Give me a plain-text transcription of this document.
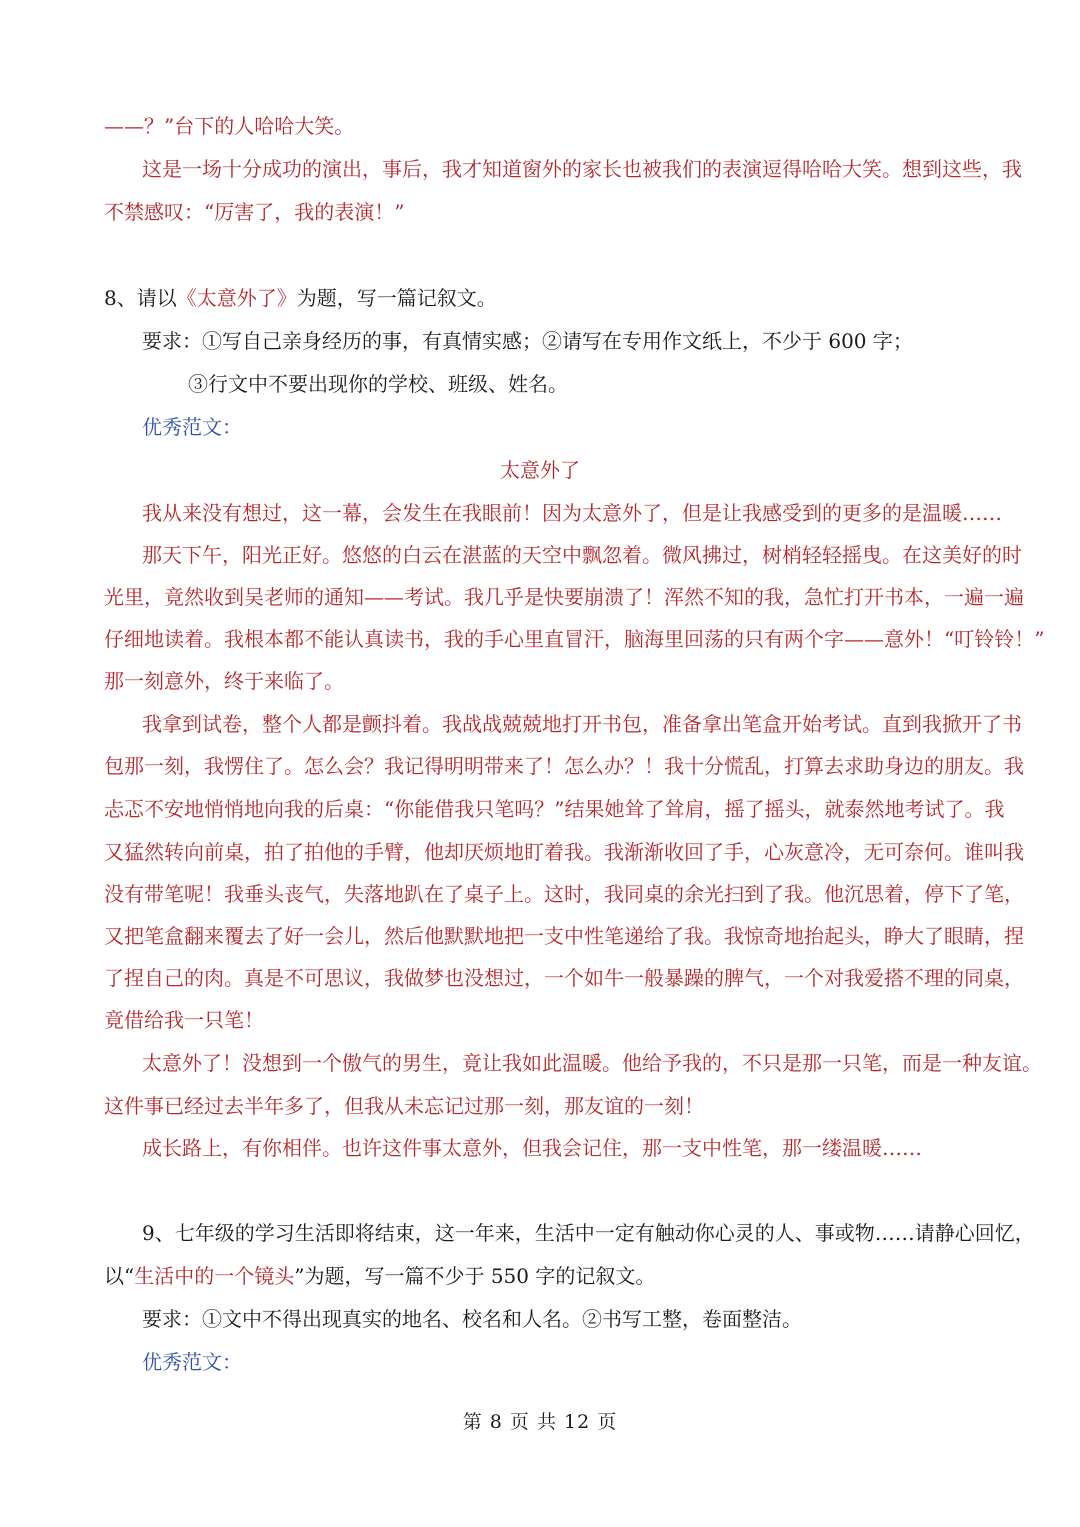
——？”台下的人哈哈大笑。
这是一场十分成功的演出，事后，我才知道窗外的家长也被我们的表演逗得哈哈大笑。想到这些，我
不禁感叹：“厉害了，我的表演！”
8、请以《太意外了》为题，写一篇记叙文。
要求：①写自己亲身经历的事，有真情实感；②请写在专用作文纸上，不少于 600 字；
③行文中不要出现你的学校、班级、姓名。
优秀范文：
太意外了
我从来没有想过，这一幕，会发生在我眼前！因为太意外了，但是让我感受到的更多的是温暖……
那天下午，阳光正好。悠悠的白云在湛蓝的天空中飘忽着。微风拂过，树梢轻轻摇曳。在这美好的时
光里，竟然收到吴老师的通知——考试。我几乎是快要崩溃了！浑然不知的我，急忙打开书本，一遍一遍
仔细地读着。我根本都不能认真读书，我的手心里直冒汗，脑海里回荡的只有两个字——意外！“叮铃铃！”
那一刻意外，终于来临了。
我拿到试卷，整个人都是颤抖着。我战战兢兢地打开书包，准备拿出笔盒开始考试。直到我掀开了书
包那一刻，我愣住了。怎么会？我记得明明带来了！怎么办？！我十分慌乱，打算去求助身边的朋友。我
忐忑不安地悄悄地向我的后桌：“你能借我只笔吗？”结果她耸了耸肩，摇了摇头，就泰然地考试了。我
又猛然转向前桌，拍了拍他的手臂，他却厌烦地盯着我。我渐渐收回了手，心灰意冷，无可奈何。谁叫我
没有带笔呢！我垂头丧气，失落地趴在了桌子上。这时，我同桌的余光扫到了我。他沉思着，停下了笔，
又把笔盒翻来覆去了好一会儿，然后他默默地把一支中性笔递给了我。我惊奇地抬起头，睁大了眼睛，捏
了捏自己的肉。真是不可思议，我做梦也没想过，一个如牛一般暴躁的脾气，一个对我爱搭不理的同桌，
竟借给我一只笔！
太意外了！没想到一个傲气的男生，竟让我如此温暖。他给予我的，不只是那一只笔，而是一种友谊。
这件事已经过去半年多了，但我从未忘记过那一刻，那友谊的一刻！
成长路上，有你相伴。也许这件事太意外，但我会记住，那一支中性笔，那一缕温暖……
9、七年级的学习生活即将结束，这一年来，生活中一定有触动你心灵的人、事或物……请静心回忆，
以“生活中的一个镜头”为题，写一篇不少于 550 字的记叙文。
要求：①文中不得出现真实的地名、校名和人名。②书写工整，卷面整洁。
优秀范文：
第 8 页 共 12 页
